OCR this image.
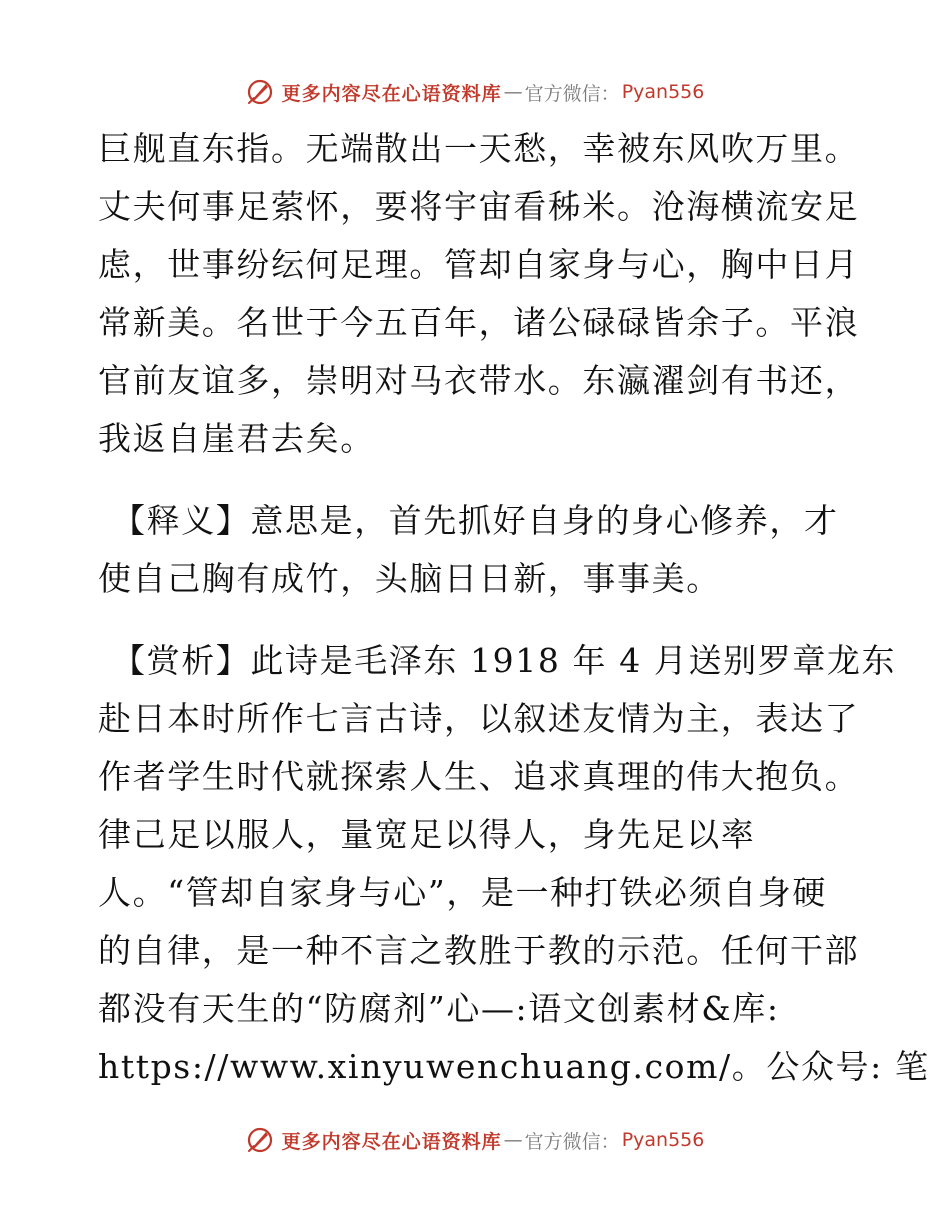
更多内容尽在心语资料库 — 官方微信： Pyan556

巨舰直东指。无端散出一天愁，幸被东风吹万里。
丈夫何事足萦怀，要将宇宙看秭米。沧海横流安足
虑，世事纷纭何足理。管却自家身与心，胸中日月
常新美。名世于今五百年，诸公碌碌皆余子。平浪
官前友谊多，崇明对马衣带水。东瀛濯剑有书还，
我返自崖君去矣。

【释义】意思是，首先抓好自身的身心修养，才
使自己胸有成竹，头脑日日新，事事美。

【赏析】此诗是毛泽东 1918 年 4 月送别罗章龙东
赴日本时所作七言古诗，以叙述友情为主，表达了
作者学生时代就探索人生、追求真理的伟大抱负。
律己足以服人，量宽足以得人，身先足以率
人。“管却自家身与心”，是一种打铁必须自身硬
的自律，是一种不言之教胜于教的示范。任何干部
都没有天生的“防腐剂”心—:语文创素材&库:
https://www.xinyuwenchuang.com/。公众号: 笔

更多内容尽在心语资料库 — 官方微信： Pyan556
